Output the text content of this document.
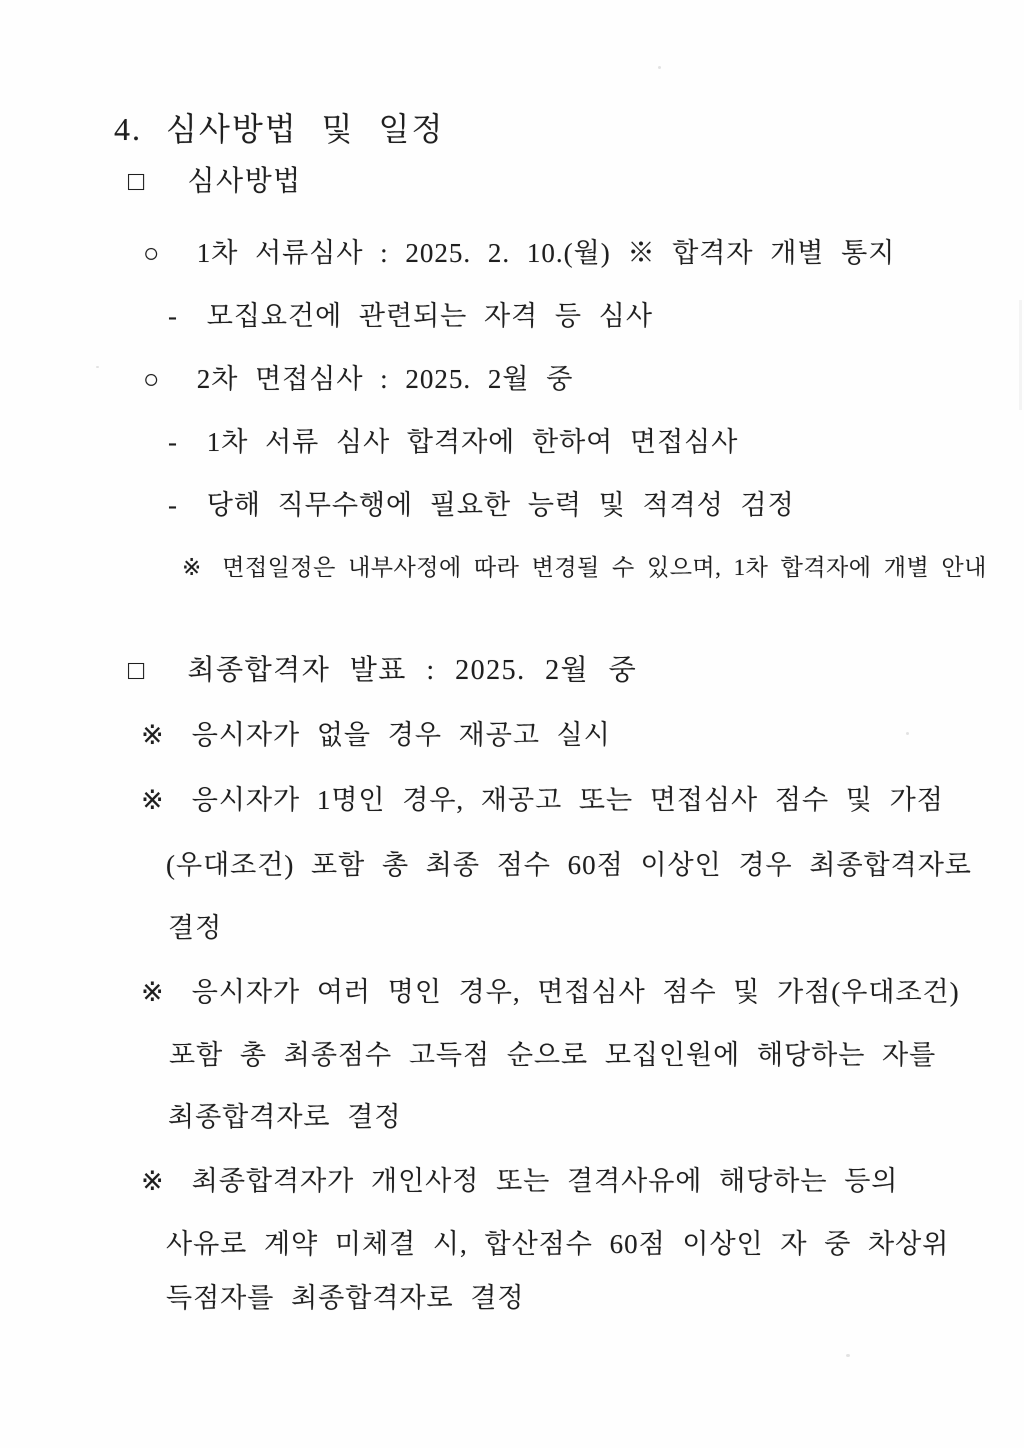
4. 심사방법 및 일정
□ 심사방법
○ 1차 서류심사 : 2025. 2. 10.(월) ※ 합격자 개별 통지
- 모집요건에 관련되는 자격 등 심사
○ 2차 면접심사 : 2025. 2월 중
- 1차 서류 심사 합격자에 한하여 면접심사
- 당해 직무수행에 필요한 능력 및 적격성 검정
※ 면접일정은 내부사정에 따라 변경될 수 있으며, 1차 합격자에 개별 안내
□ 최종합격자 발표 : 2025. 2월 중
※ 응시자가 없을 경우 재공고 실시
※ 응시자가 1명인 경우, 재공고 또는 면접심사 점수 및 가점
(우대조건) 포함 총 최종 점수 60점 이상인 경우 최종합격자로
결정
※ 응시자가 여러 명인 경우, 면접심사 점수 및 가점(우대조건)
포함 총 최종점수 고득점 순으로 모집인원에 해당하는 자를
최종합격자로 결정
※ 최종합격자가 개인사정 또는 결격사유에 해당하는 등의
사유로 계약 미체결 시, 합산점수 60점 이상인 자 중 차상위
득점자를 최종합격자로 결정
